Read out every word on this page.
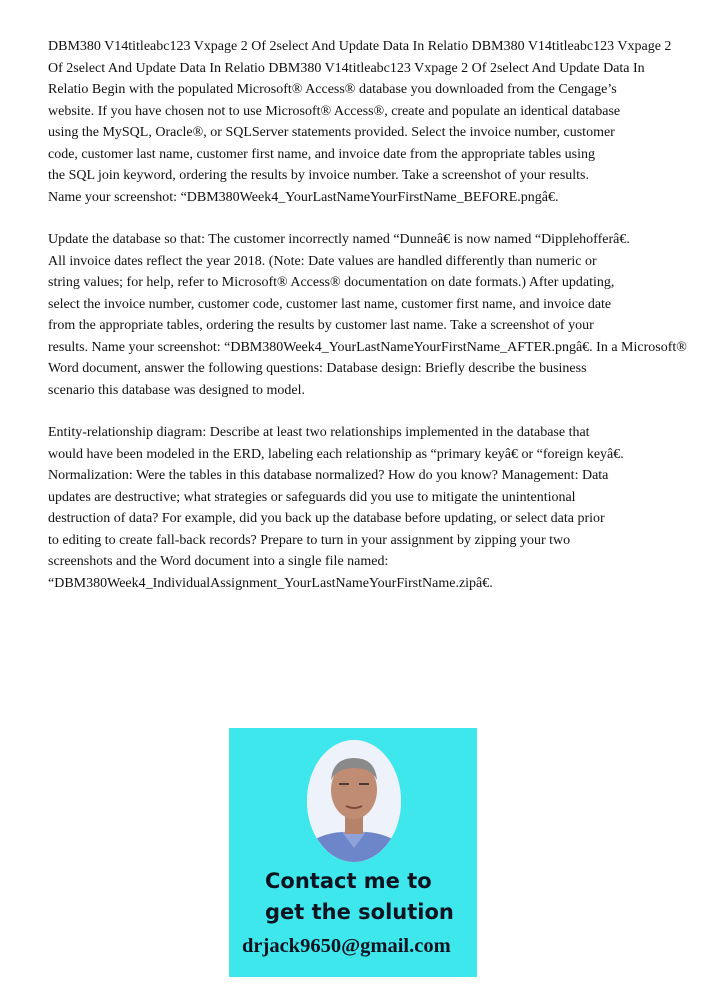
DBM380 V14titleabc123 Vxpage 2 Of 2select And Update Data In Relatio DBM380 V14titleabc123 Vxpage 2

Of 2select And Update Data In Relatio DBM380 V14titleabc123 Vxpage 2 Of 2select And Update Data In

Relatio Begin with the populated Microsoft® Access® database you downloaded from the Cengage’s

website. If you have chosen not to use Microsoft® Access®, create and populate an identical database

using the MySQL, Oracle®, or SQLServer statements provided. Select the invoice number, customer

code, customer last name, customer first name, and invoice date from the appropriate tables using

the SQL join keyword, ordering the results by invoice number. Take a screenshot of your results.

Name your screenshot: “DBM380Week4_YourLastNameYourFirstName_BEFORE.pngâ€.

Update the database so that: The customer incorrectly named “Dunneâ€ is now named “Dipplehofferâ€.

All invoice dates reflect the year 2018. (Note: Date values are handled differently than numeric or

string values; for help, refer to Microsoft® Access® documentation on date formats.) After updating,

select the invoice number, customer code, customer last name, customer first name, and invoice date

from the appropriate tables, ordering the results by customer last name. Take a screenshot of your

results. Name your screenshot: “DBM380Week4_YourLastNameYourFirstName_AFTER.pngâ€. In a Microsoft®

Word document, answer the following questions: Database design: Briefly describe the business

scenario this database was designed to model.

Entity-relationship diagram: Describe at least two relationships implemented in the database that

would have been modeled in the ERD, labeling each relationship as “primary keyâ€ or “foreign keyâ€.

Normalization: Were the tables in this database normalized? How do you know? Management: Data

updates are destructive; what strategies or safeguards did you use to mitigate the unintentional

destruction of data? For example, did you back up the database before updating, or select data prior

to editing to create fall-back records? Prepare to turn in your assignment by zipping your two

screenshots and the Word document into a single file named:

“DBM380Week4_IndividualAssignment_YourLastNameYourFirstName.zipâ€.

Contact me to
get the solution
drjack9650@gmail.com
